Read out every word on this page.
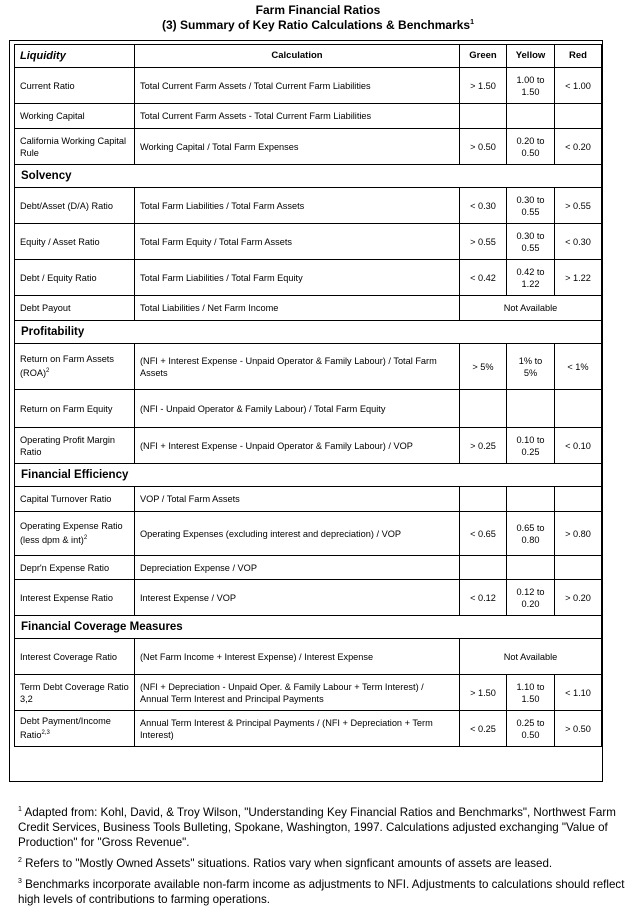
Farm Financial Ratios
(3) Summary of Key Ratio Calculations & Benchmarks$^1$
Liquidity	Calculation	Green	Yellow	Red
Current Ratio	Total Current Farm Assets / Total Current Farm Liabilities	> 1.50	1.00 to 1.50	< 1.00
Working Capital	Total Current Farm Assets - Total Current Farm Liabilities			
California Working Capital Rule	Working Capital / Total Farm Expenses	> 0.50	0.20 to 0.50	< 0.20
Solvency				
Debt/Asset (D/A) Ratio	Total Farm Liabilities / Total Farm Assets	< 0.30	0.30 to 0.55	> 0.55
Equity / Asset Ratio	Total Farm Equity / Total Farm Assets	> 0.55	0.30 to 0.55	< 0.30
Debt / Equity Ratio	Total Farm Liabilities / Total Farm Equity	< 0.42	0.42 to 1.22	> 1.22
Debt Payout	Total Liabilities / Net Farm Income	Not Available		
Profitability				
Return on Farm Assets (ROA)$^2$	(NFI + Interest Expense - Unpaid Operator & Family Labour) / Total Farm Assets	> 5%	1% to 5%	< 1%
Return on Farm Equity	(NFI - Unpaid Operator & Family Labour) / Total Farm Equity			
Operating Profit Margin Ratio	(NFI + Interest Expense - Unpaid Operator & Family Labour) / VOP	> 0.25	0.10 to 0.25	< 0.10
Financial Efficiency				
Capital Turnover Ratio	VOP / Total Farm Assets			
Operating Expense Ratio (less dpm & int)$^2$	Operating Expenses (excluding interest and depreciation) / VOP	< 0.65	0.65 to 0.80	> 0.80
Depr'n Expense Ratio	Depreciation Expense / VOP			
Interest Expense Ratio	Interest Expense / VOP	< 0.12	0.12 to 0.20	> 0.20
Financial Coverage Measures				
Interest Coverage Ratio	(Net Farm Income + Interest Expense) / Interest Expense	Not Available		
Term Debt Coverage Ratio 3,2	(NFI + Depreciation - Unpaid Oper. & Family Labour + Term Interest) / Annual Term Interest and Principal Payments	> 1.50	1.10 to 1.50	< 1.10
Debt Payment/Income Ratio$^{2,3}$	Annual Term Interest & Principal Payments / (NFI + Depreciation + Term Interest)	< 0.25	0.25 to 0.50	> 0.50

$^1$ Adapted from: Kohl, David, & Troy Wilson, "Understanding Key Financial Ratios and Benchmarks", Northwest Farm Credit Services, Business Tools Bulleting, Spokane, Washington, 1997. Calculations adjusted exchanging "Value of Production" for "Gross Revenue".

$^2$ Refers to "Mostly Owned Assets" situations. Ratios vary when signficant amounts of assets are leased.

$^3$ Benchmarks incorporate available non-farm income as adjustments to NFI. Adjustments to calculations should reflect high levels of contributions to farming operations.
